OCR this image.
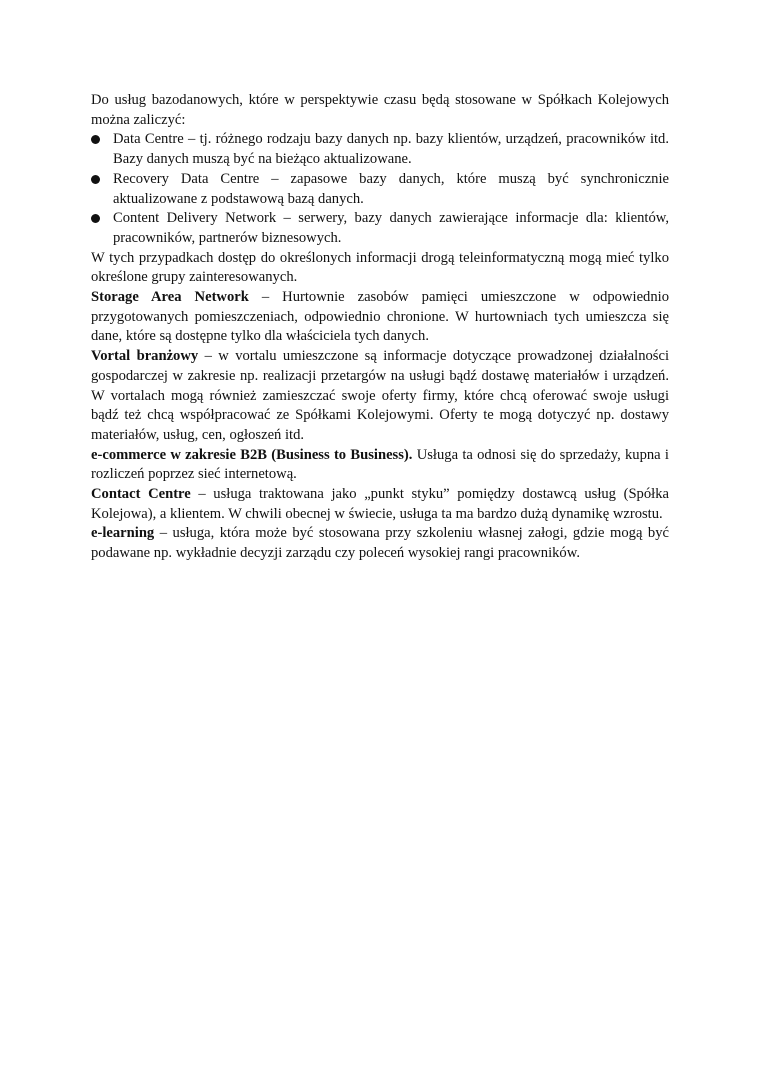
Do usług bazodanowych, które w perspektywie czasu będą stosowane w Spółkach Kolejowych można zaliczyć:

Data Centre – tj. różnego rodzaju bazy danych np. bazy klientów, urządzeń, pracowników itd. Bazy danych muszą być na bieżąco aktualizowane.
Recovery Data Centre – zapasowe bazy danych, które muszą być synchronicznie aktualizowane z podstawową bazą danych.
Content Delivery Network – serwery, bazy danych zawierające informacje dla: klientów, pracowników, partnerów biznesowych.

W tych przypadkach dostęp do określonych informacji drogą teleinformatyczną mogą mieć tylko określone grupy zainteresowanych.

Storage Area Network – Hurtownie zasobów pamięci umieszczone w odpowiednio przygotowanych pomieszczeniach, odpowiednio chronione. W hurtowniach tych umieszcza się dane, które są dostępne tylko dla właściciela tych danych.

Vortal branżowy – w vortalu umieszczone są informacje dotyczące prowadzonej działalności gospodarczej w zakresie np. realizacji przetargów na usługi bądź dostawę materiałów i urządzeń. W vortalach mogą również zamieszczać swoje oferty firmy, które chcą oferować swoje usługi bądź też chcą współpracować ze Spółkami Kolejowymi. Oferty te mogą dotyczyć np. dostawy materiałów, usług, cen, ogłoszeń itd.

e-commerce w zakresie B2B (Business to Business). Usługa ta odnosi się do sprzedaży, kupna i rozliczeń poprzez sieć internetową.

Contact Centre – usługa traktowana jako „punkt styku” pomiędzy dostawcą usług (Spółka Kolejowa), a klientem. W chwili obecnej w świecie, usługa ta ma bardzo dużą dynamikę wzrostu.

e-learning – usługa, która może być stosowana przy szkoleniu własnej załogi, gdzie mogą być podawane np. wykładnie decyzji zarządu czy poleceń wysokiej rangi pracowników.
